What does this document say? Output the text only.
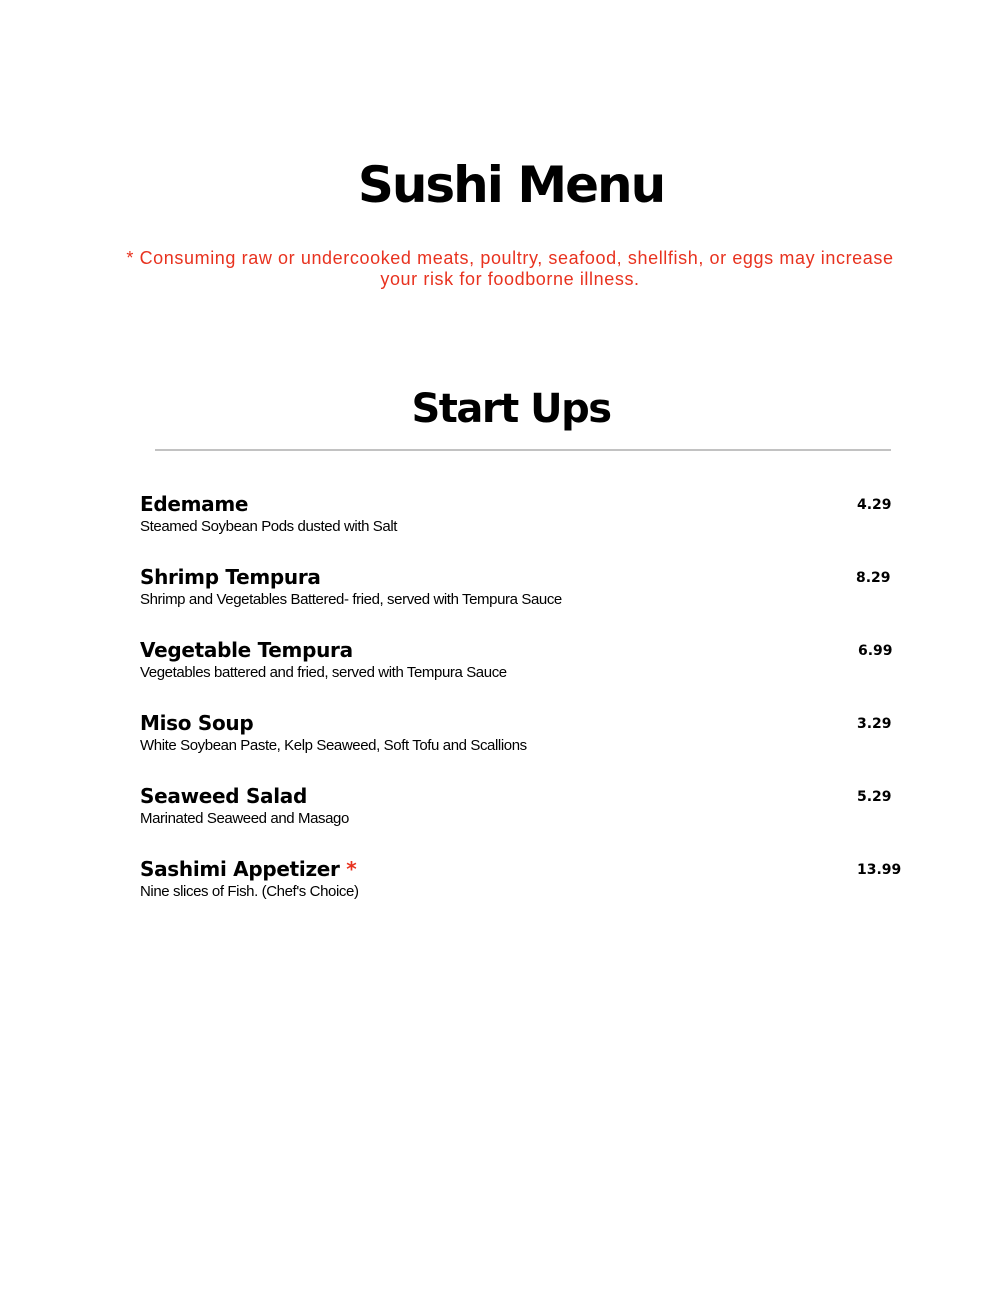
Sushi Menu

* Consuming raw or undercooked meats, poultry, seafood, shellfish, or eggs may increase your risk for foodborne illness.

Start Ups
Edemame	4.29
Steamed Soybean Pods dusted with Salt
Shrimp Tempura	8.29
Shrimp and Vegetables Battered- fried, served with Tempura Sauce
Vegetable Tempura	6.99
Vegetables battered and fried, served with Tempura Sauce
Miso Soup	3.29
White Soybean Paste, Kelp Seaweed, Soft Tofu and Scallions
Seaweed Salad	5.29
Marinated Seaweed and Masago
Sashimi Appetizer *	13.99
Nine slices of Fish. (Chef's Choice)
